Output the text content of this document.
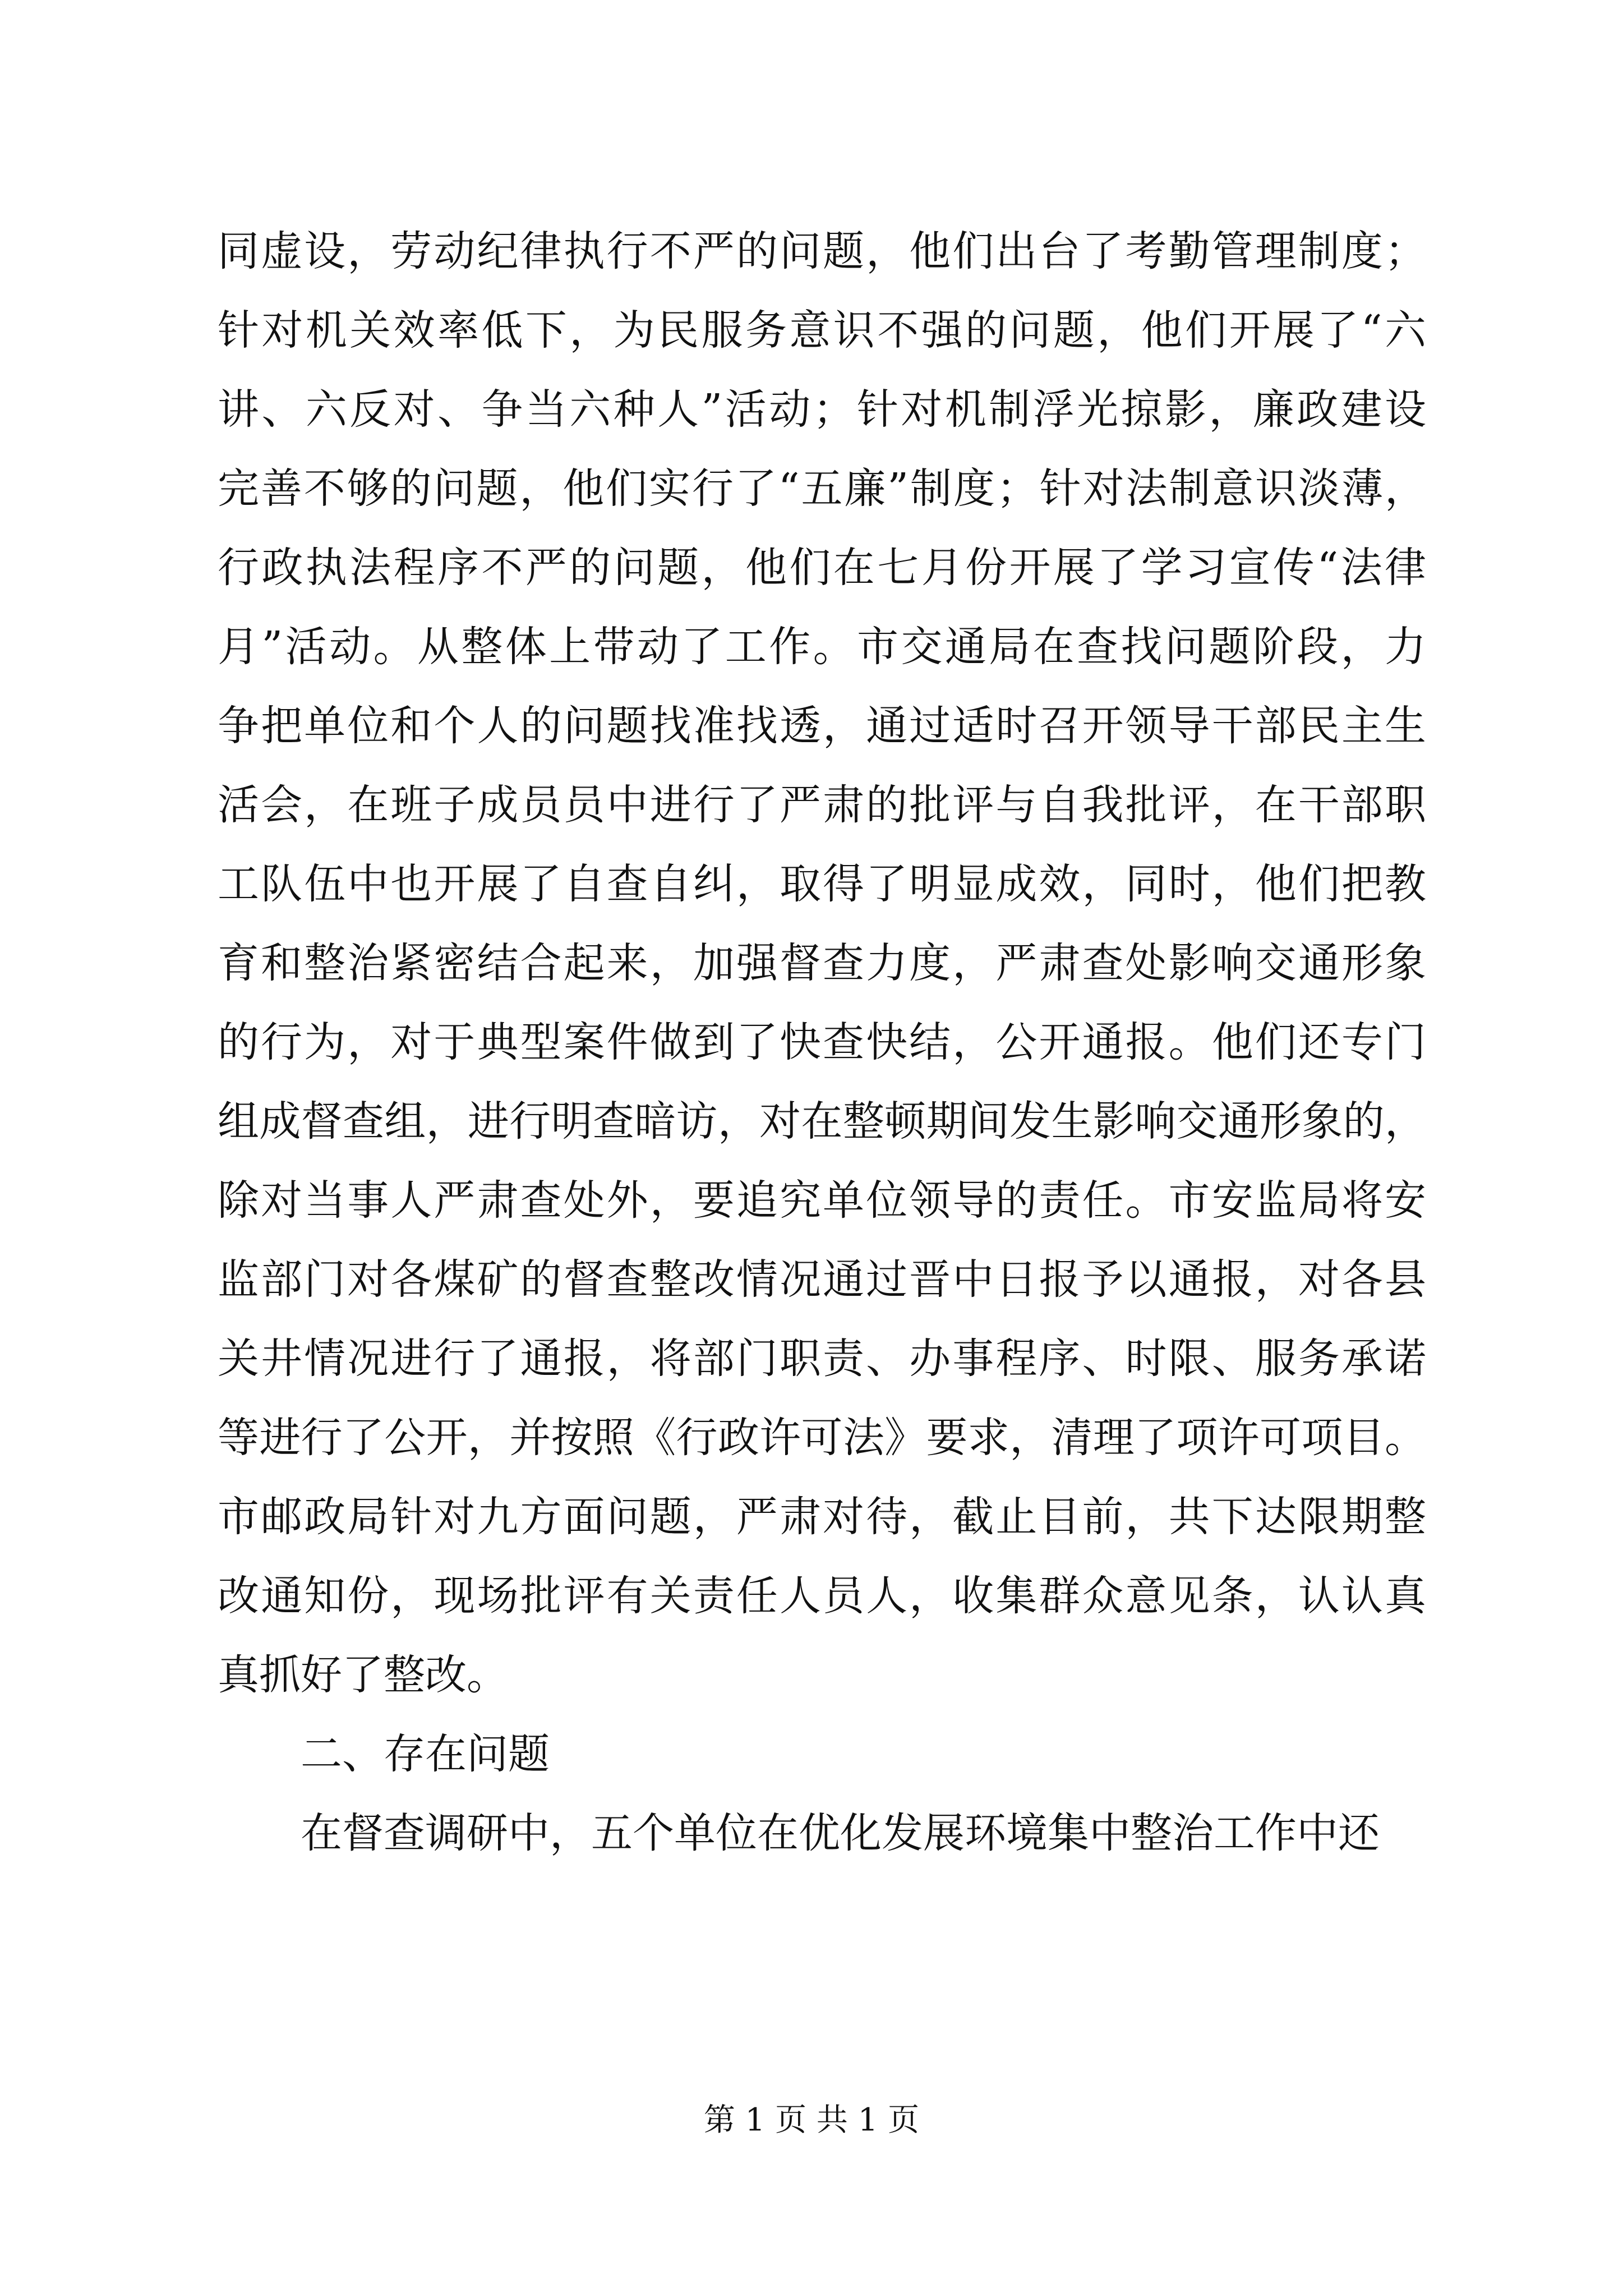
同虚设，劳动纪律执行不严的问题，他们出台了考勤管理制度；
针对机关效率低下，为民服务意识不强的问题，他们开展了“六
讲、六反对、争当六种人”活动；针对机制浮光掠影，廉政建设
完善不够的问题，他们实行了“五廉”制度；针对法制意识淡薄，
行政执法程序不严的问题，他们在七月份开展了学习宣传“法律
月”活动。从整体上带动了工作。市交通局在查找问题阶段，力
争把单位和个人的问题找准找透，通过适时召开领导干部民主生
活会，在班子成员员中进行了严肃的批评与自我批评，在干部职
工队伍中也开展了自查自纠，取得了明显成效，同时，他们把教
育和整治紧密结合起来，加强督查力度，严肃查处影响交通形象
的行为，对于典型案件做到了快查快结，公开通报。他们还专门
组成督查组，进行明查暗访，对在整顿期间发生影响交通形象的，
除对当事人严肃查处外，要追究单位领导的责任。市安监局将安
监部门对各煤矿的督查整改情况通过晋中日报予以通报，对各县
关井情况进行了通报，将部门职责、办事程序、时限、服务承诺
等进行了公开，并按照《行政许可法》要求，清理了项许可项目。
市邮政局针对九方面问题，严肃对待，截止目前，共下达限期整
改通知份，现场批评有关责任人员人，收集群众意见条，认认真
真抓好了整改。
二、存在问题
在督查调研中，五个单位在优化发展环境集中整治工作中还
第 1 页 共 1 页
